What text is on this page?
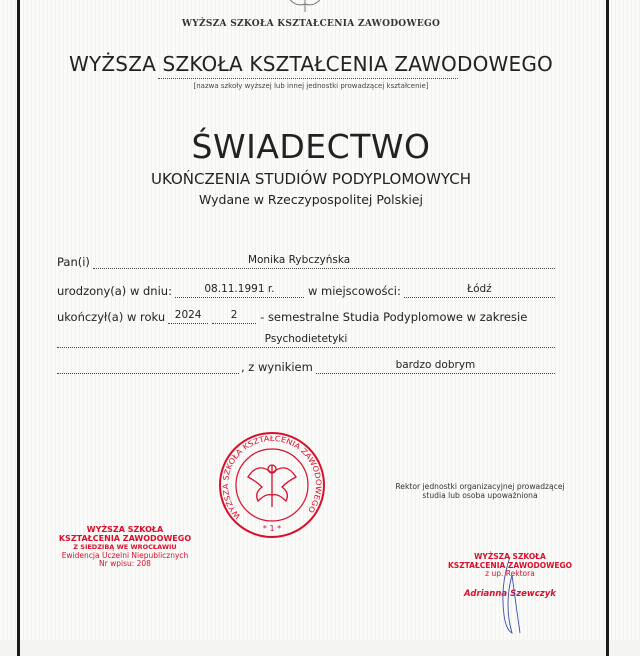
WYŻSZA SZKOŁA KSZTAŁCENIA ZAWODOWEGO
WYŻSZA SZKOŁA KSZTAŁCENIA ZAWODOWEGO
[nazwa szkoły wyższej lub innej jednostki prowadzącej kształcenie]
ŚWIADECTWO
UKOŃCZENIA STUDIÓW PODYPLOMOWYCH
Wydane w Rzeczypospolitej Polskiej
Pan(i)	Monika Rybczyńska
urodzony(a) w dniu:	08.11.1991 r.	w miejscowości:	Łódź
ukończył(a) w roku 2024	2	- semestralne Studia Podyplomowe w zakresie
Psychodietetyki
, z wynikiem	bardzo dobrym
WYŻSZA SZKOŁA KSZTAŁCENIA ZAWODOWEGO
* 1 *
Rektor jednostki organizacyjnej prowadzącej
studia lub osoba upoważniona
WYŻSZA SZKOŁA
KSZTAŁCENIA ZAWODOWEGO
Z SIEDZIBĄ WE WROCŁAWIU
Ewidencja Uczelni Niepublicznych
Nr wpisu: 208
WYŻSZA SZKOŁA
KSZTAŁCENIA ZAWODOWEGO
z up. Rektora
Adrianna Szewczyk
